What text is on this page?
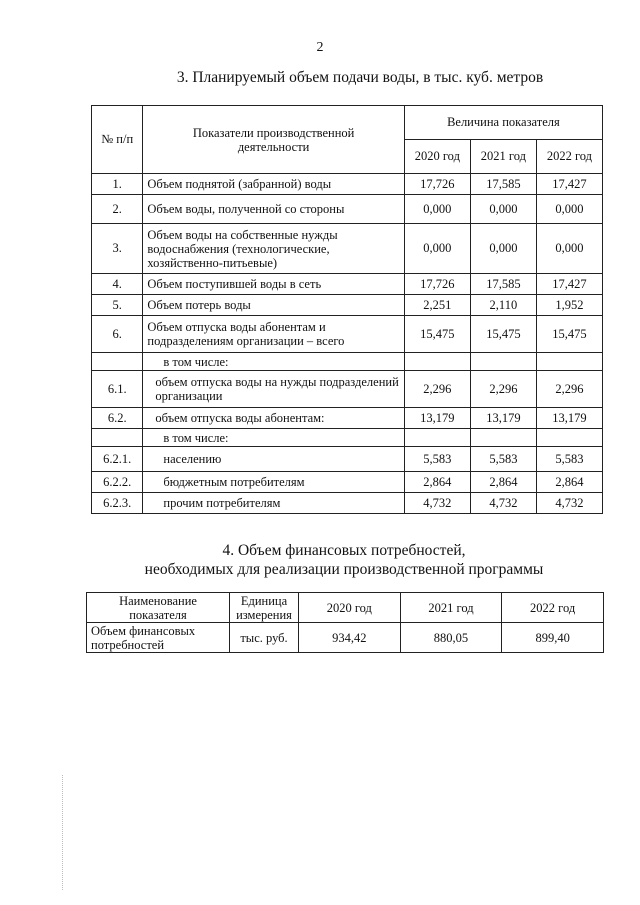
2
3. Планируемый объем подачи воды, в тыс. куб. метров
№ п/п	Показатели производственной деятельности	Величина показателя		
		2020 год	2021 год	2022 год
1.	Объем поднятой (забранной) воды	17,726	17,585	17,427
2.	Объем воды, полученной со стороны	0,000	0,000	0,000
3.	Объем воды на собственные нужды водоснабжения (технологические, хозяйственно-питьевые)	0,000	0,000	0,000
4.	Объем поступившей воды в сеть	17,726	17,585	17,427
5.	Объем потерь воды	2,251	2,110	1,952
6.	Объем отпуска воды абонентам и подразделениям организации – всего	15,475	15,475	15,475
	в том числе:			
6.1.	объем отпуска воды на нужды подразделений организации	2,296	2,296	2,296
6.2.	объем отпуска воды абонентам:	13,179	13,179	13,179
	в том числе:			
6.2.1.	населению	5,583	5,583	5,583
6.2.2.	бюджетным потребителям	2,864	2,864	2,864
6.2.3.	прочим потребителям	4,732	4,732	4,732
4. Объем финансовых потребностей,
необходимых для реализации производственной программы
Наименование показателя	Единица измерения	2020 год	2021 год	2022 год
Объем финансовых потребностей	тыс. руб.	934,42	880,05	899,40
